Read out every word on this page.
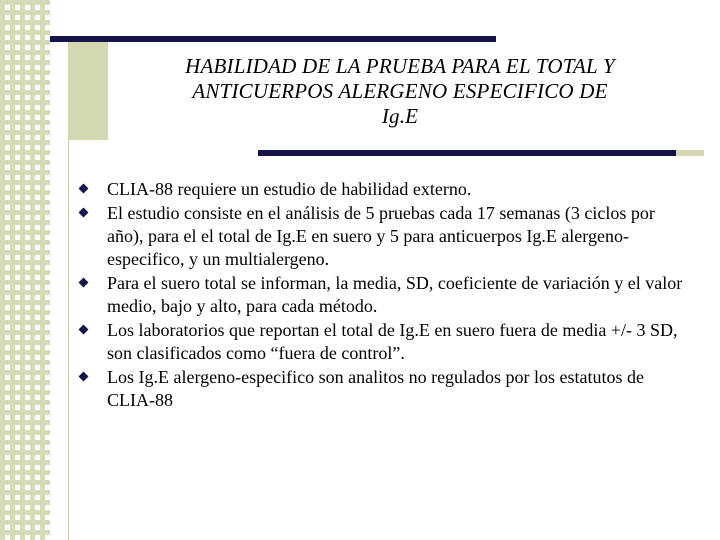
HABILIDAD DE LA PRUEBA PARA EL TOTAL Y
ANTICUERPOS ALERGENO ESPECIFICO DE
Ig.E
CLIA-88 requiere un estudio de habilidad externo.
El estudio consiste en el análisis de 5 pruebas cada 17 semanas (3 ciclos por año), para el el total de Ig.E en suero y 5 para anticuerpos Ig.E alergeno-especifico, y un multialergeno.
Para el suero total se informan, la media, SD, coeficiente de variación y el valor medio, bajo y alto, para cada método.
Los laboratorios que reportan el total de Ig.E en suero fuera de media +/- 3 SD, son clasificados como “fuera de control”.
Los Ig.E alergeno-especifico son analitos no regulados por los estatutos de CLIA-88
